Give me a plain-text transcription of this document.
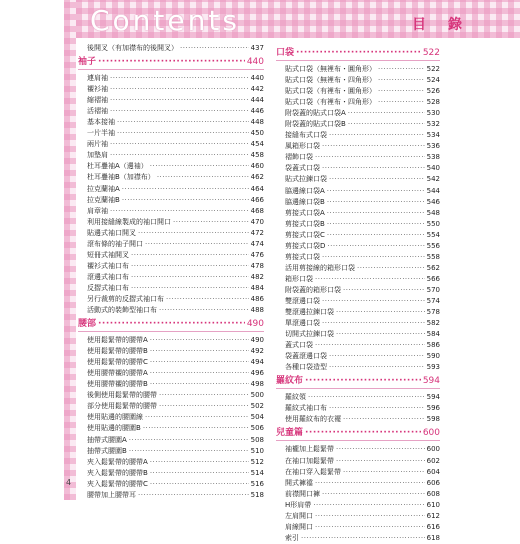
Contents	目　錄
後開叉（有加襟布的後開叉） ·····	437
袖子 ·····	440
連肩袖 ·····	440
襯衫袖 ·····	442
縮褶袖 ·····	444
活褶袖 ·····	446
基本接袖 ·····	448
一片半袖 ·····	450
兩片袖 ·····	454
加墊肩 ·····	458
杜耳疊袖A（邊袖） ·····	460
杜耳疊袖B（加襟布） ·····	462
拉克蘭袖A ·····	464
拉克蘭袖B ·····	466
肩章袖 ·····	468
利用接縫線製成的袖口開口 ·····	470
貼邊式袖口開叉 ·····	472
滾布條的袖子開口 ·····	474
短冊式袖開叉 ·····	476
襯衫式袖口布 ·····	478
滾邊式袖口布 ·····	482
反摺式袖口布 ·····	484
另行裁剪的反摺式袖口布 ·····	486
活動式的裝飾型袖口布 ·····	488
腰部 ·····	490
使用鬆緊帶的腰帶A ·····	490
使用鬆緊帶的腰帶B ·····	492
使用鬆緊帶的腰帶C ·····	494
使用腰帶襯的腰帶A ·····	496
使用腰帶襯的腰帶B ·····	498
後側使用鬆緊帶的腰帶 ·····	500
部分使用鬆緊帶的腰帶 ·····	502
使用貼邊的腰圍線 ·····	504
使用貼邊的腰圍B ·····	506
抽帶式腰圍A ·····	508
抽帶式腰圍B ·····	510
夾入鬆緊帶的腰帶A ·····	512
夾入鬆緊帶的腰帶B ·····	514
夾入鬆緊帶的腰帶C ·····	516
腰帶加上腰帶耳 ·····	518
口袋 ·····	522
貼式口袋（無裡布・圓角形） ·····	522
貼式口袋（無裡布・四角形） ·····	524
貼式口袋（有裡布・圓角形） ·····	526
貼式口袋（有裡布・四角形） ·····	528
附袋蓋的貼式口袋A ·····	530
附袋蓋的貼式口袋B ·····	532
接縫布式口袋 ·····	534
風箱形口袋 ·····	536
褶飾口袋 ·····	538
袋蓋式口袋 ·····	540
貼式拉鍊口袋 ·····	542
脇邊線口袋A ·····	544
脇邊線口袋B ·····	546
剪接式口袋A ·····	548
剪接式口袋B ·····	550
剪接式口袋C ·····	554
剪接式口袋D ·····	556
剪接式口袋 ·····	558
活用剪接線的箱形口袋 ·····	562
箱形口袋 ·····	566
附袋蓋的箱形口袋 ·····	570
雙滾邊口袋 ·····	574
雙滾邊拉鍊口袋 ·····	578
單滾邊口袋 ·····	582
切開式拉鍊口袋 ·····	584
蓋式口袋 ·····	586
袋蓋滾邊口袋 ·····	590
各種口袋造型 ·····	593
羅紋布 ·····	594
羅紋領 ·····	594
羅紋式袖口布 ·····	596
使用羅紋布的衣襬 ·····	598
兒童篇 ·····	600
袖襱加上鬆緊帶 ·····	600
在袖口加鬆緊帶 ·····	602
在袖口穿入鬆緊帶 ·····	604
開式褲襠 ·····	606
前襟開口褲 ·····	608
H形肩帶 ·····	610
左肩開口 ·····	612
肩線開口 ·····	616
索引 ·····	618
4
